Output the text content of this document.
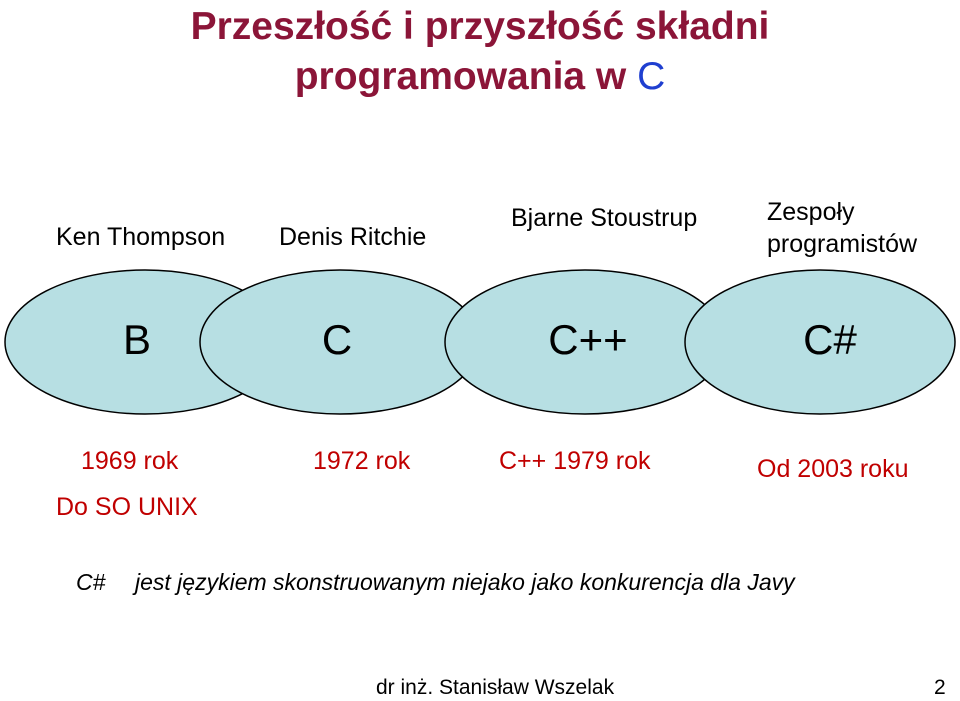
Przeszłość i przyszłość składni
programowania w C
Ken Thompson Denis Ritchie
Bjarne Stoustrup	Zespoły
programistów
B	C	C++	C#
1969 rok
Do SO UNIX
1972 rok	C++ 1979 rok	Od 2003 roku
C# jest językiem skonstruowanym niejako jako konkurencja dla Javy
dr inż. Stanisław Wszelak	2
